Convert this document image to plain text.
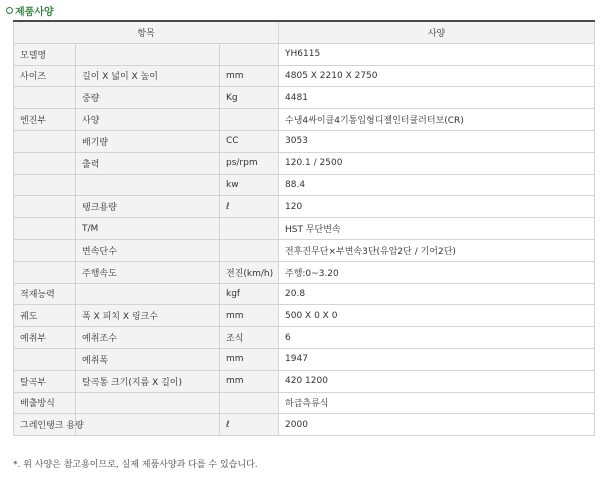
제품사양
항목			사양
모델명			YH6115
사이즈	길이 X 넓이 X 높이	mm	4805 X 2210 X 2750
	중량	Kg	4481
엔진부	사양		수냉4싸이클4기통입형디젤인터쿨러터보(CR)
	배기량	CC	3053
	출력	ps/rpm	120.1 / 2500
		kw	88.4
	탱크용량	ℓ	120
	T/M		HST 무단변속
	변속단수		전후진무단×부변속3단(유압2단 / 기어2단)
	주행속도	전진(km/h)	주행:0~3.20
적재능력		kgf	20.8
궤도	폭 X 피치 X 링크수	mm	500 X 0 X 0
예취부	예취조수	조식	6
	예취폭	mm	1947
탈곡부	탈곡통 크기(지름 X 길이)	mm	420 1200
배출방식			하급측류식
그레인탱크 용량		ℓ	2000
*. 위 사양은 참고용이므로, 실제 제품사양과 다를 수 있습니다.
